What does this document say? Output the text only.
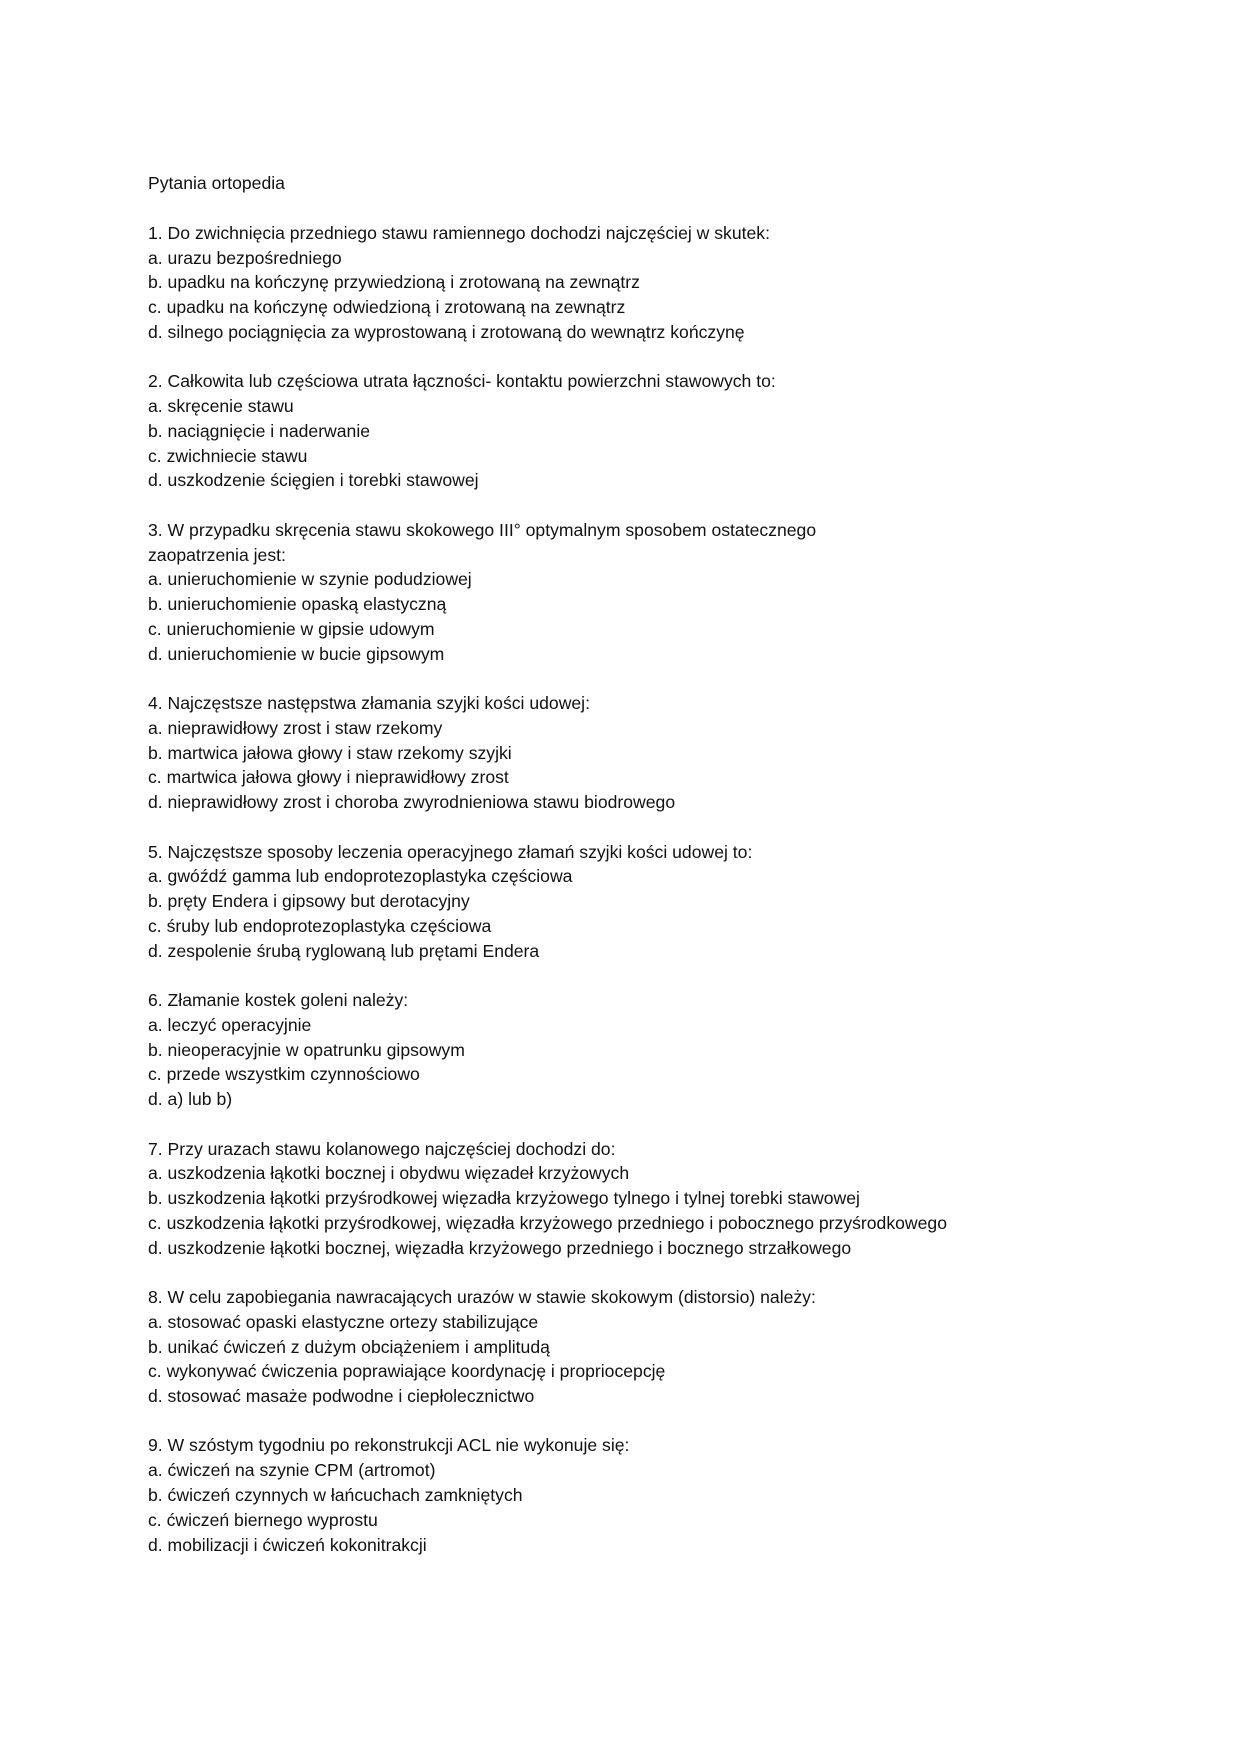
Pytania ortopedia
1. Do zwichnięcia przedniego stawu ramiennego dochodzi najczęściej w skutek:
a. urazu bezpośredniego
b. upadku na kończynę przywiedzioną i zrotowaną na zewnątrz
c. upadku na kończynę odwiedzioną i zrotowaną na zewnątrz
d. silnego pociągnięcia za wyprostowaną i zrotowaną do wewnątrz kończynę
2. Całkowita lub częściowa utrata łączności- kontaktu powierzchni stawowych to:
a. skręcenie stawu
b. naciągnięcie i naderwanie
c. zwichniecie stawu
d. uszkodzenie ścięgien i torebki stawowej
3. W przypadku skręcenia stawu skokowego III° optymalnym sposobem ostatecznego
zaopatrzenia jest:
a. unieruchomienie w szynie podudziowej
b. unieruchomienie opaską elastyczną
c. unieruchomienie w gipsie udowym
d. unieruchomienie w bucie gipsowym
4. Najczęstsze następstwa złamania szyjki kości udowej:
a. nieprawidłowy zrost i staw rzekomy
b. martwica jałowa głowy i staw rzekomy szyjki
c. martwica jałowa głowy i nieprawidłowy zrost
d. nieprawidłowy zrost i choroba zwyrodnieniowa stawu biodrowego
5. Najczęstsze sposoby leczenia operacyjnego złamań szyjki kości udowej to:
a. gwóźdź gamma lub endoprotezoplastyka częściowa
b. pręty Endera i gipsowy but derotacyjny
c. śruby lub endoprotezoplastyka częściowa
d. zespolenie śrubą ryglowaną lub prętami Endera
6. Złamanie kostek goleni należy:
a. leczyć operacyjnie
b. nieoperacyjnie w opatrunku gipsowym
c. przede wszystkim czynnościowo
d. a) lub b)
7. Przy urazach stawu kolanowego najczęściej dochodzi do:
a. uszkodzenia łąkotki bocznej i obydwu więzadeł krzyżowych
b. uszkodzenia łąkotki przyśrodkowej więzadła krzyżowego tylnego i tylnej torebki stawowej
c. uszkodzenia łąkotki przyśrodkowej, więzadła krzyżowego przedniego i pobocznego przyśrodkowego
d. uszkodzenie łąkotki bocznej, więzadła krzyżowego przedniego i bocznego strzałkowego
8. W celu zapobiegania nawracających urazów w stawie skokowym (distorsio) należy:
a. stosować opaski elastyczne ortezy stabilizujące
b. unikać ćwiczeń z dużym obciążeniem i amplitudą
c. wykonywać ćwiczenia poprawiające koordynację i propriocepcję
d. stosować masaże podwodne i ciepłolecznictwo
9. W szóstym tygodniu po rekonstrukcji ACL nie wykonuje się:
a. ćwiczeń na szynie CPM (artromot)
b. ćwiczeń czynnych w łańcuchach zamkniętych
c. ćwiczeń biernego wyprostu
d. mobilizacji i ćwiczeń kokonitrakcji
